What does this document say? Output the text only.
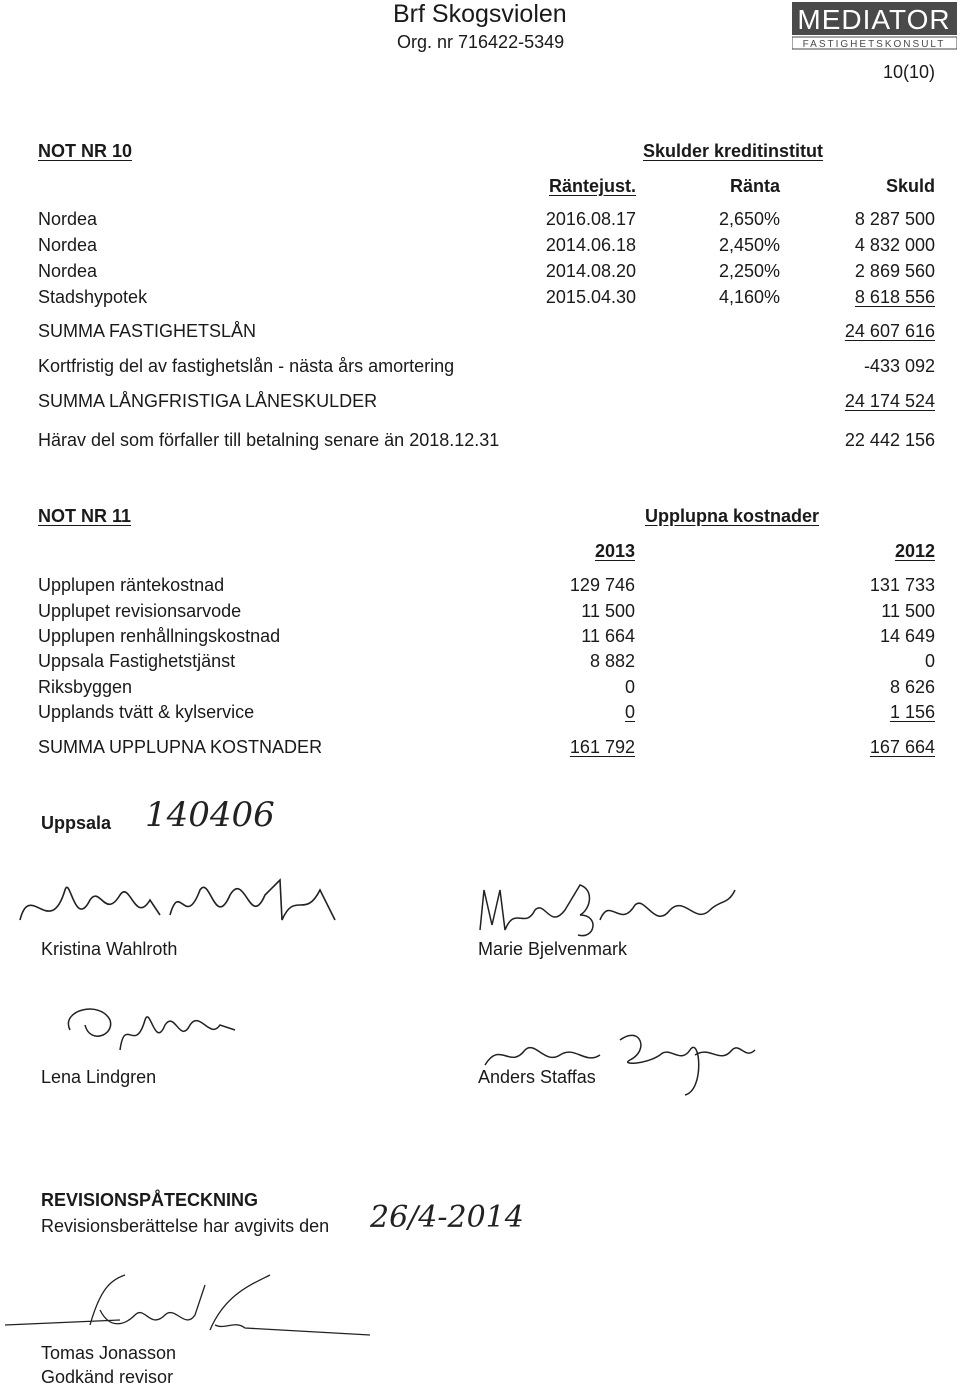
Brf Skogsviolen
Org. nr 716422-5349
MEDIATOR
FASTIGHETSKONSULT
10(10)
NOT NR 10	Skulder kreditinstitut
Räntejust.	Ränta	Skuld
Nordea	2016.08.17	2,650%	8 287 500
Nordea	2014.06.18	2,450%	4 832 000
Nordea	2014.08.20	2,250%	2 869 560
Stadshypotek	2015.04.30	4,160%	8 618 556
SUMMA FASTIGHETSLÅN	24 607 616
Kortfristig del av fastighetslån - nästa års amortering	-433 092
SUMMA LÅNGFRISTIGA LÅNESKULDER	24 174 524
Härav del som förfaller till betalning senare än 2018.12.31	22 442 156
NOT NR 11	Upplupna kostnader
2013	2012
Upplupen räntekostnad	129 746	131 733
Upplupet revisionsarvode	11 500	11 500
Upplupen renhållningskostnad	11 664	14 649
Uppsala Fastighetstjänst	8 882	0
Riksbyggen	0	8 626
Upplands tvätt & kylservice	0	1 156
SUMMA UPPLUPNA KOSTNADER	161 792	167 664
Uppsala 140406
Kristina Wahlroth	Marie Bjelvenmark
Lena Lindgren	Anders Staffas
REVISIONSPÅTECKNING
Revisionsberättelse har avgivits den 26/4-2014
Tomas Jonasson
Godkänd revisor
